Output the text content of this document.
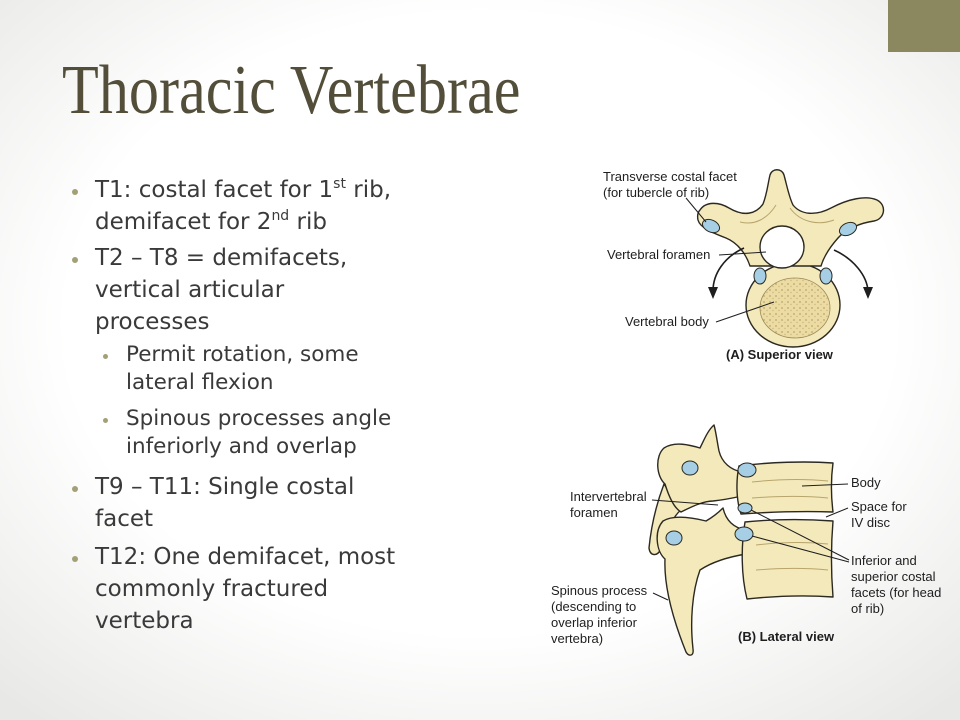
Thoracic Vertebrae
T1: costal facet for 1st rib,
demifacet for 2nd rib
T2 – T8 = demifacets,
vertical articular
processes
Permit rotation, some
lateral flexion
Spinous processes angle
inferiorly and overlap
T9 – T11: Single costal
facet
T12: One demifacet, most
commonly fractured
vertebra
Transverse costal facet
(for tubercle of rib)
Vertebral foramen
Vertebral body
(A) Superior view
Body
Space for
IV disc
Intervertebral
foramen
Inferior and
superior costal
facets (for head
of rib)
Spinous process
(descending to
overlap inferior
vertebra)	(B) Lateral view
